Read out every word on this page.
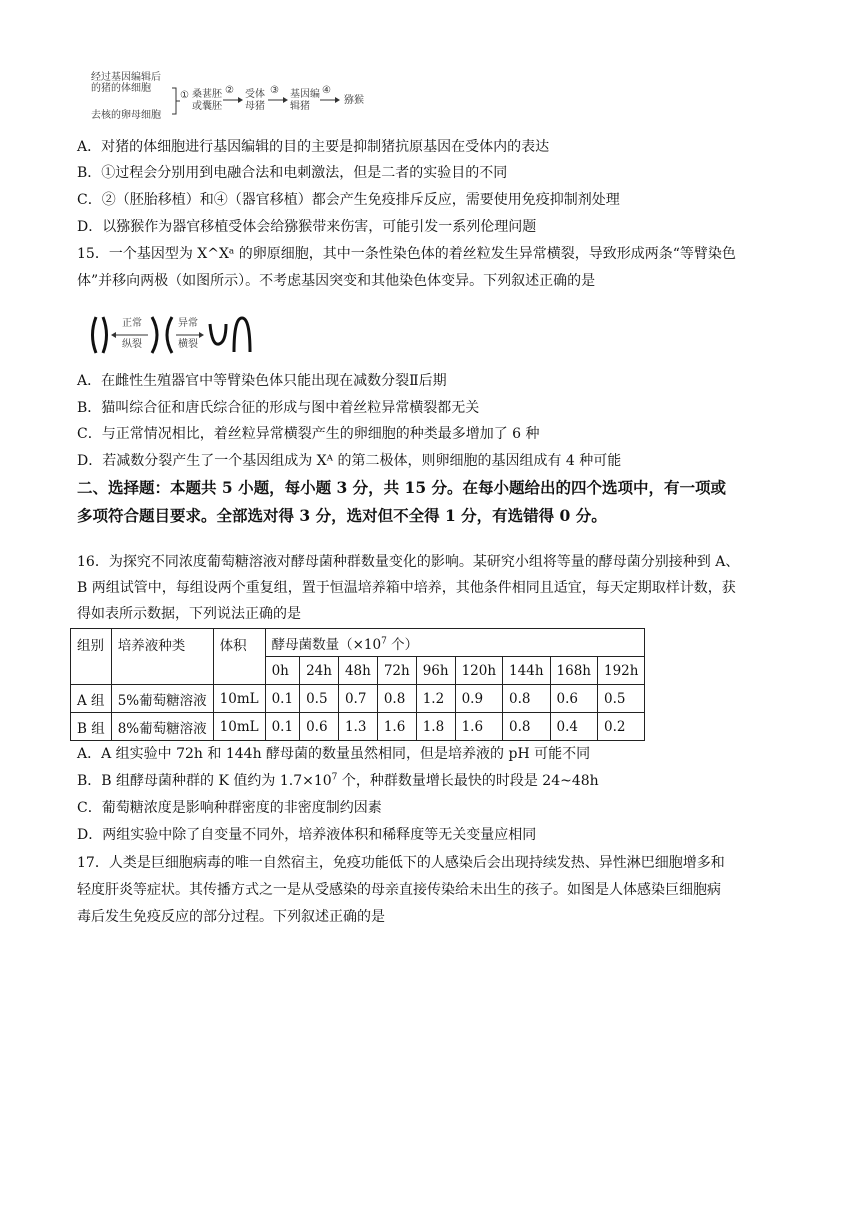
经过基因编辑后
的猪的体细胞
去核的卵母细胞
① 桑葚胚
或囊胚
② 受体
母猪
③ 基因编
辑猪
④
猕猴
A．对猪的体细胞进行基因编辑的目的主要是抑制猪抗原基因在受体内的表达
B．①过程会分别用到电融合法和电刺激法，但是二者的实验目的不同
C．②（胚胎移植）和④（器官移植）都会产生免疫排斥反应，需要使用免疫抑制剂处理
D．以猕猴作为器官移植受体会给猕猴带来伤害，可能引发一系列伦理问题
15．一个基因型为 X^Xᵃ 的卵原细胞，其中一条性染色体的着丝粒发生异常横裂，导致形成两条“等臂染色
体”并移向两极（如图所示）。不考虑基因突变和其他染色体变异。下列叙述正确的是
正常
纵裂
异常
横裂
A．在雌性生殖器官中等臂染色体只能出现在减数分裂Ⅱ后期
B．猫叫综合征和唐氏综合征的形成与图中着丝粒异常横裂都无关
C．与正常情况相比，着丝粒异常横裂产生的卵细胞的种类最多增加了 6 种
D．若减数分裂产生了一个基因组成为 Xᴬ 的第二极体，则卵细胞的基因组成有 4 种可能
二、选择题：本题共 5 小题，每小题 3 分，共 15 分。在每小题给出的四个选项中，有一项或
多项符合题目要求。全部选对得 3 分，选对但不全得 1 分，有选错得 0 分。
16．为探究不同浓度葡萄糖溶液对酵母菌种群数量变化的影响。某研究小组将等量的酵母菌分别接种到 A、
B 两组试管中，每组设两个重复组，置于恒温培养箱中培养，其他条件相同且适宜，每天定期取样计数，获
得如表所示数据，下列说法正确的是
组别	培养液种类	体积	酵母菌数量（$\times 10^7$ 个）								
			0h	24h	48h	72h	96h	120h	144h	168h	192h
A 组	5%葡萄糖溶液	10mL	0.1	0.5	0.7	0.8	1.2	0.9	0.8	0.6	0.5
B 组	8%葡萄糖溶液	10mL	0.1	0.6	1.3	1.6	1.8	1.6	0.8	0.4	0.2
A．A 组实验中 72h 和 144h 酵母菌的数量虽然相同，但是培养液的 pH 可能不同
B．B 组酵母菌种群的 K 值约为 $1.7\times 10^7$ 个，种群数量增长最快的时段是 24~48h
C．葡萄糖浓度是影响种群密度的非密度制约因素
D．两组实验中除了自变量不同外，培养液体积和稀释度等无关变量应相同
17．人类是巨细胞病毒的唯一自然宿主，免疫功能低下的人感染后会出现持续发热、异性淋巴细胞增多和
轻度肝炎等症状。其传播方式之一是从受感染的母亲直接传染给未出生的孩子。如图是人体感染巨细胞病
毒后发生免疫反应的部分过程。下列叙述正确的是
